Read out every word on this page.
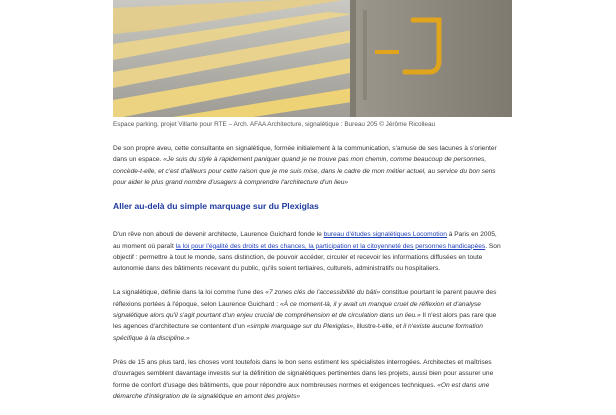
Espace parking, projet Villarte pour RTE – Arch. AFAA Architecture, signalétique : Bureau 205 © Jérôme Ricolleau

De son propre aveu, cette consultante en signalétique, formée initialement à la communication, s'amuse de ses lacunes à s'orienter dans un espace. «Je suis du style à rapidement paniquer quand je ne trouve pas mon chemin, comme beaucoup de personnes, concède-t-elle, et c'est d'ailleurs pour cette raison que je me suis mise, dans le cadre de mon métier actuel, au service du bon sens pour aider le plus grand nombre d'usagers à comprendre l'architecture d'un lieu»

Aller au-delà du simple marquage sur du Plexiglas

D'un rêve non abouti de devenir architecte, Laurence Guichard fonde le bureau d'études signalétiques Locomotion à Paris en 2005, au moment où paraît la loi pour l'égalité des droits et des chances, la participation et la citoyenneté des personnes handicapées. Son objectif : permettre à tout le monde, sans distinction, de pouvoir accéder, circuler et recevoir les informations diffusées en toute autonomie dans des bâtiments recevant du public, qu'ils soient tertiaires, culturels, administratifs ou hospitaliers.

La signalétique, définie dans la loi comme l'une des «7 zones clés de l'accessibilité du bâti» constitue pourtant le parent pauvre des réflexions portées à l'époque, selon Laurence Guichard : «À ce moment-là, il y avait un manque cruel de réflexion et d'analyse signalétique alors qu'il s'agit pourtant d'un enjeu crucial de compréhension et de circulation dans un lieu.» Il n'est alors pas rare que les agences d'architecture se contentent d'un «simple marquage sur du Plexiglas», illustre-t-elle, et il n'existe aucune formation spécifique à la discipline.»

Près de 15 ans plus tard, les choses vont toutefois dans le bon sens estiment les spécialistes interrogées. Architectes et maîtrises d'ouvrages semblent davantage investis sur la définition de signalétiques pertinentes dans les projets, aussi bien pour assurer une forme de confort d'usage des bâtiments, que pour répondre aux nombreuses normes et exigences techniques. «On est dans une démarche d'intégration de la signalétique en amont des projets»
